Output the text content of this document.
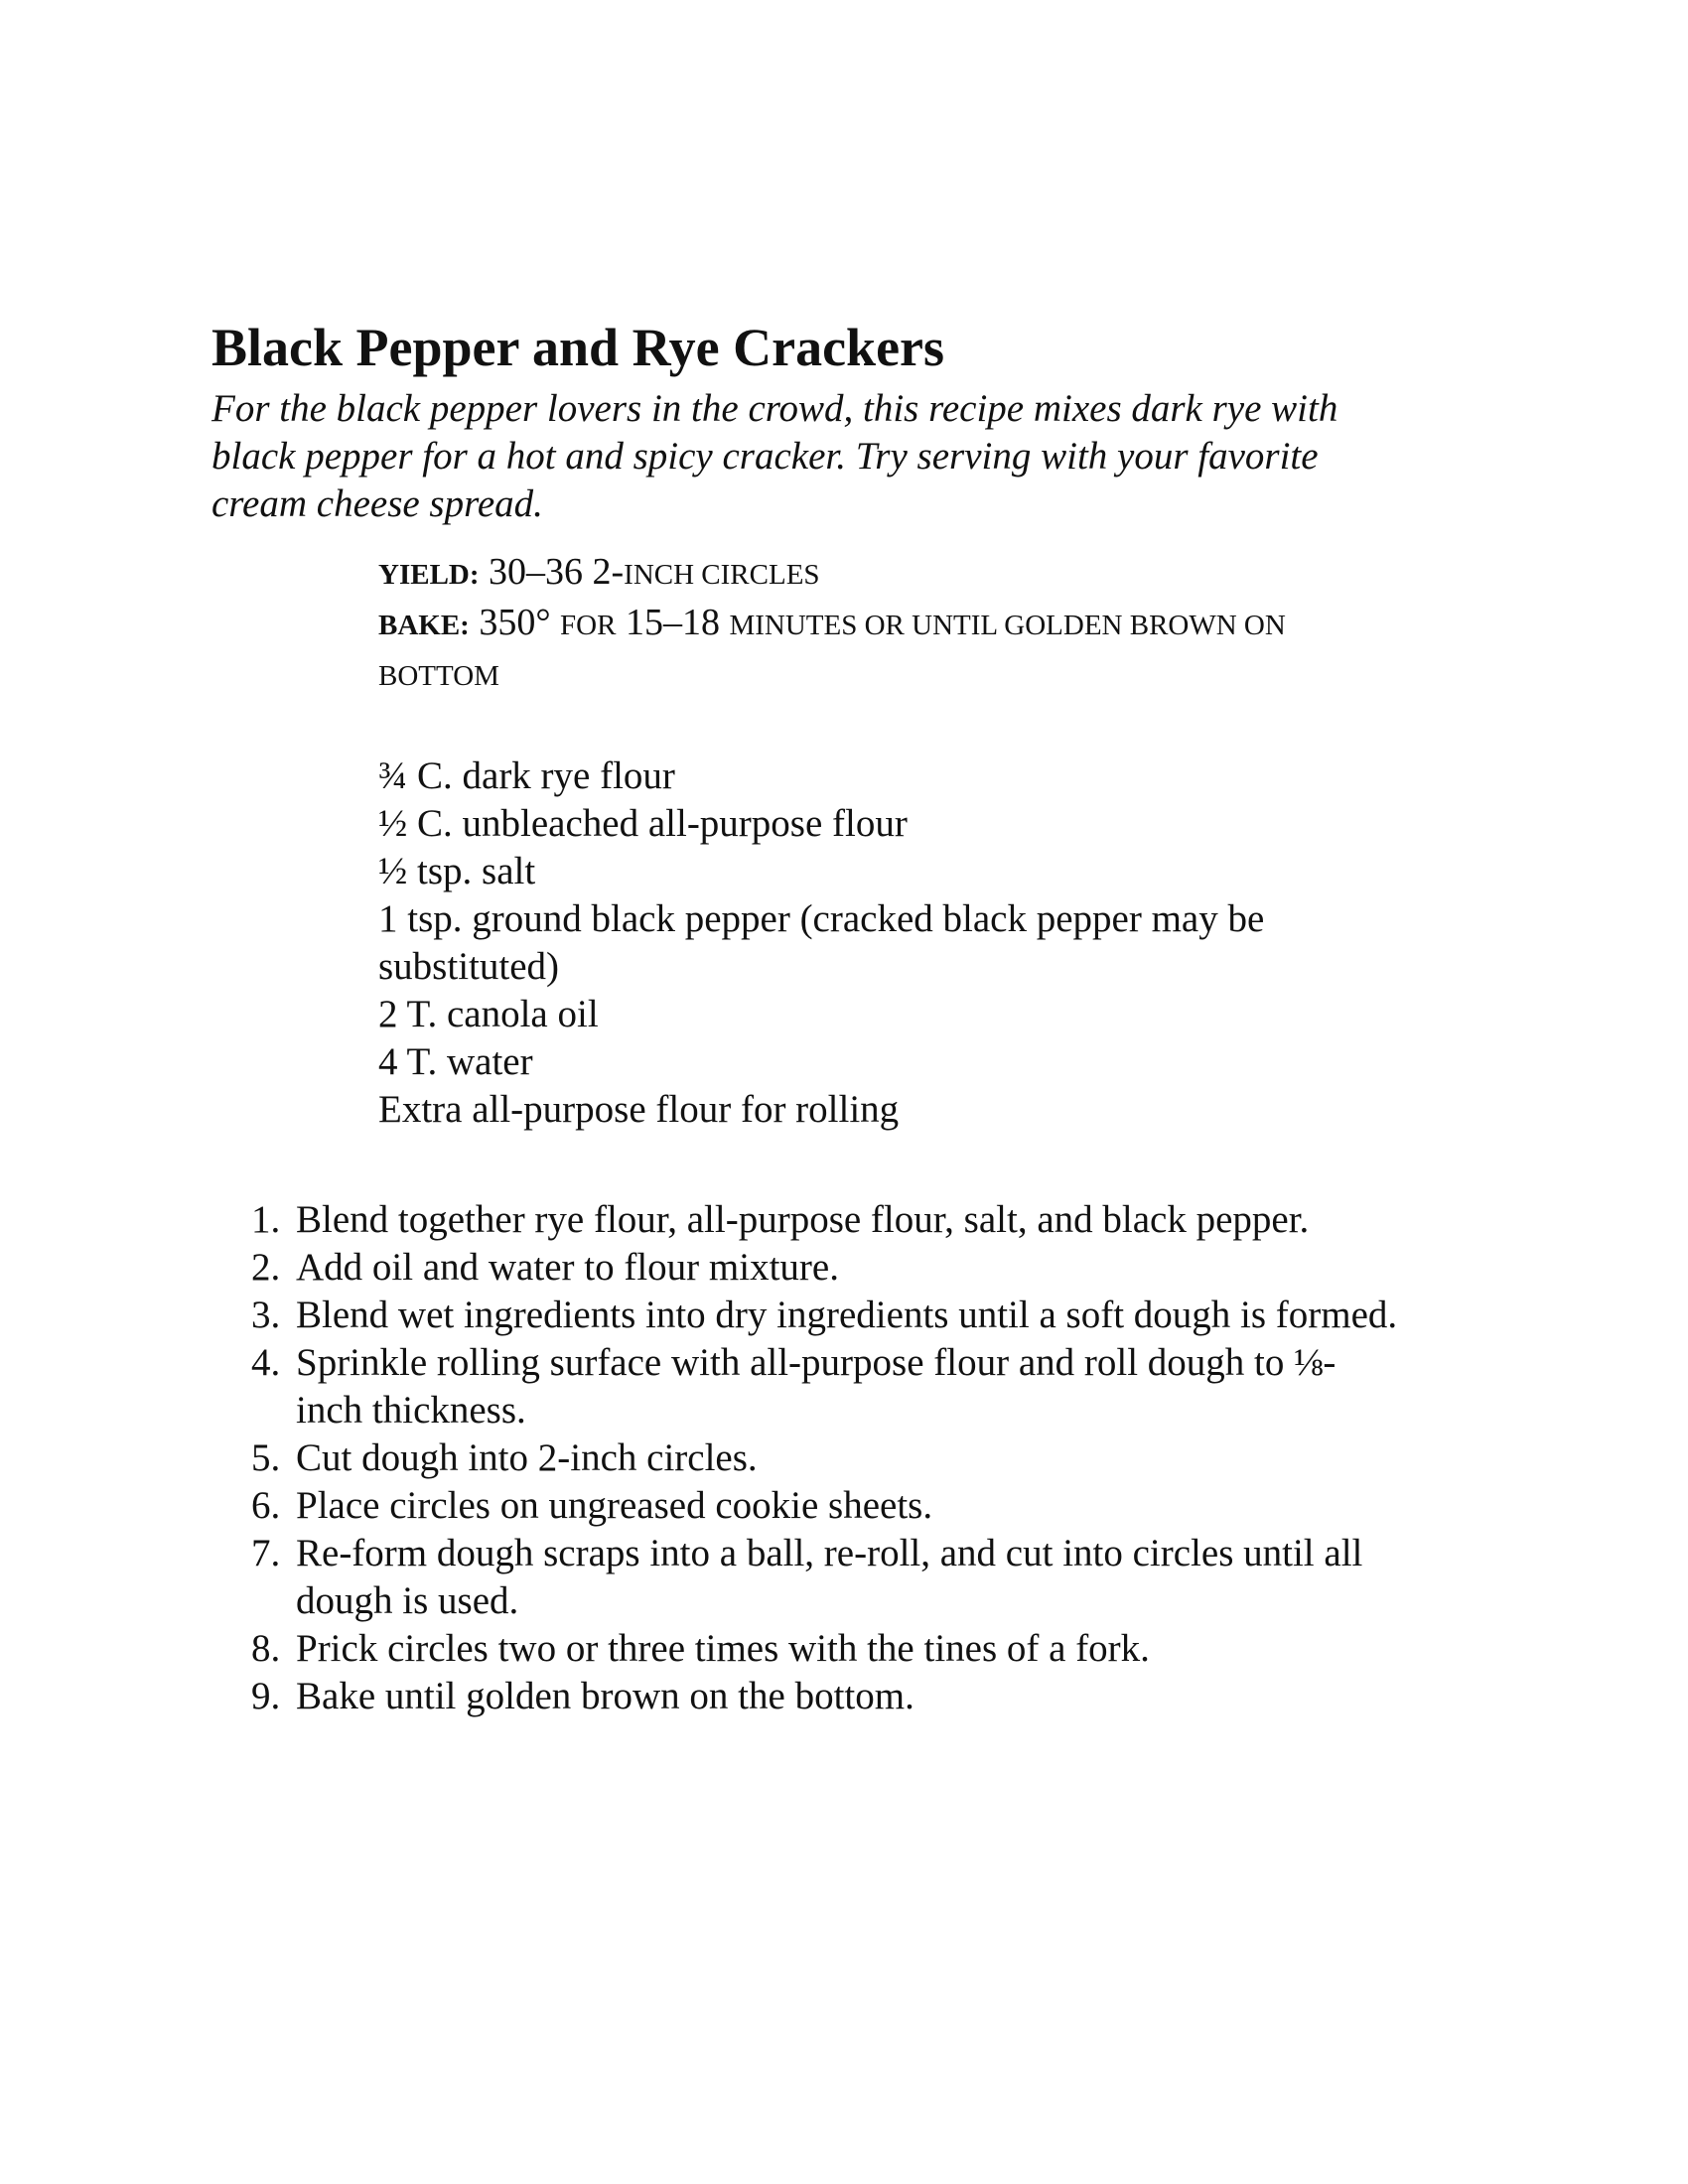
Black Pepper and Rye Crackers

For the black pepper lovers in the crowd, this recipe mixes dark rye with
black pepper for a hot and spicy cracker. Try serving with your favorite
cream cheese spread.

YIELD: 30–36 2-INCH CIRCLES
BAKE: 350° FOR 15–18 MINUTES OR UNTIL GOLDEN BROWN ON
BOTTOM
¾ C. dark rye flour
½ C. unbleached all-purpose flour
½ tsp. salt
1 tsp. ground black pepper (cracked black pepper may be
substituted)
2 T. canola oil
4 T. water
Extra all-purpose flour for rolling
1. Blend together rye flour, all-purpose flour, salt, and black pepper.
2. Add oil and water to flour mixture.
3. Blend wet ingredients into dry ingredients until a soft dough is formed.
4. Sprinkle rolling surface with all-purpose flour and roll dough to ⅛-
inch thickness.
5. Cut dough into 2-inch circles.
6. Place circles on ungreased cookie sheets.
7. Re-form dough scraps into a ball, re-roll, and cut into circles until all
dough is used.
8. Prick circles two or three times with the tines of a fork.
9. Bake until golden brown on the bottom.
